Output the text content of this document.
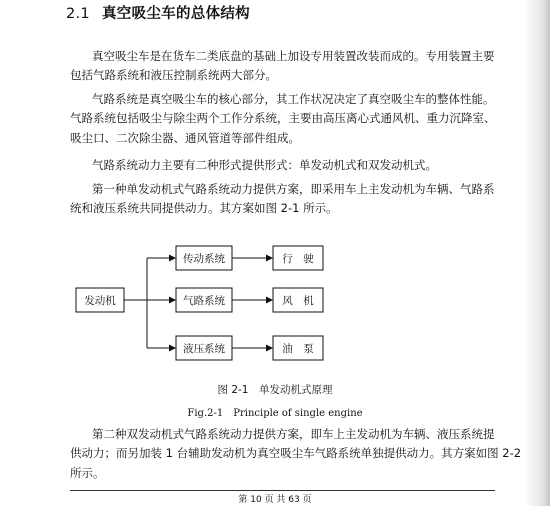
2.1 真空吸尘车的总体结构
真空吸尘车是在货车二类底盘的基础上加设专用装置改装而成的。专用装置主要
包括气路系统和液压控制系统两大部分。
气路系统是真空吸尘车的核心部分，其工作状况决定了真空吸尘车的整体性能。
气路系统包括吸尘与除尘两个工作分系统，主要由高压离心式通风机、重力沉降室、
吸尘口、二次除尘器、通风管道等部件组成。
气路系统动力主要有二种形式提供形式：单发动机式和双发动机式。
第一种单发动机式气路系统动力提供方案，即采用车上主发动机为车辆、气路系
统和液压系统共同提供动力。其方案如图 2-1 所示。
发动机
传动系统
气路系统
液压系统
行　驶
风　机
油　泵
图 2-1　单发动机式原理
Fig.2-1　Principle of single engine
第二种双发动机式气路系统动力提供方案，即车上主发动机为车辆、液压系统提
供动力；而另加装 1 台辅助发动机为真空吸尘车气路系统单独提供动力。其方案如图 2-2
所示。
第 10 页 共 63 页
